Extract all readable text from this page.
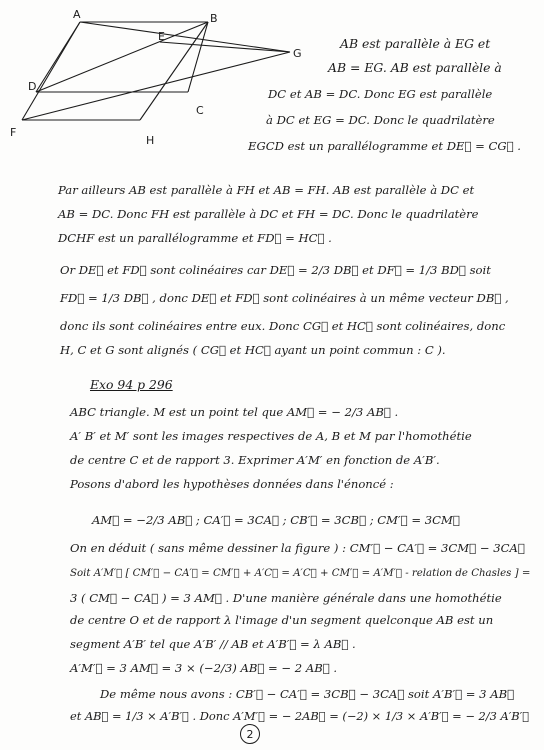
A	B
E
G
D
C
F
H
AB est parallèle à EG et
AB = EG. AB est parallèle à
DC et AB = DC. Donc EG est parallèle
à DC et EG = DC. Donc le quadrilatère
EGCD est un parallélogramme et DE⃗ = CG⃗ .
Par ailleurs AB est parallèle à FH et AB = FH. AB est parallèle à DC et
AB = DC. Donc FH est parallèle à DC et FH = DC. Donc le quadrilatère
DCHF est un parallélogramme et FD⃗ = HC⃗ .
Or DE⃗ et FD⃗ sont colinéaires car DE⃗ = 2/3 DB⃗ et DF⃗ = 1/3 BD⃗ soit
FD⃗ = 1/3 DB⃗ , donc DE⃗ et FD⃗ sont colinéaires à un même vecteur DB⃗ ,
donc ils sont colinéaires entre eux. Donc CG⃗ et HC⃗ sont colinéaires, donc
H, C et G sont alignés ( CG⃗ et HC⃗ ayant un point commun : C ).
Exo 94 p 296
ABC triangle. M est un point tel que AM⃗ = − 2/3 AB⃗ .
A′ B′ et M′ sont les images respectives de A, B et M par l'homothétie
de centre C et de rapport 3. Exprimer A′M′ en fonction de A′B′.
Posons d'abord les hypothèses données dans l'énoncé :
AM⃗ = −2/3 AB⃗ ; CA′⃗ = 3CA⃗ ; CB′⃗ = 3CB⃗ ; CM′⃗ = 3CM⃗
On en déduit ( sans même dessiner la figure ) : CM′⃗ − CA′⃗ = 3CM⃗ − 3CA⃗
Soit A′M′⃗ [ CM′⃗ − CA′⃗ = CM′⃗ + A′C⃗ = A′C⃗ + CM′⃗ = A′M′⃗ - relation de Chasles ] =
3 ( CM⃗ − CA⃗ ) = 3 AM⃗ . D'une manière générale dans une homothétie
de centre O et de rapport λ l'image d'un segment quelconque AB est un
segment A′B′ tel que A′B′ // AB et A′B′⃗ = λ AB⃗ .
A′M′⃗ = 3 AM⃗ = 3 × (−2/3) AB⃗ = − 2 AB⃗ .
De même nous avons : CB′⃗ − CA′⃗ = 3CB⃗ − 3CA⃗ soit A′B′⃗ = 3 AB⃗
et AB⃗ = 1/3 × A′B′⃗ . Donc A′M′⃗ = − 2AB⃗ = (−2) × 1/3 × A′B′⃗ = − 2/3 A′B′⃗
2
